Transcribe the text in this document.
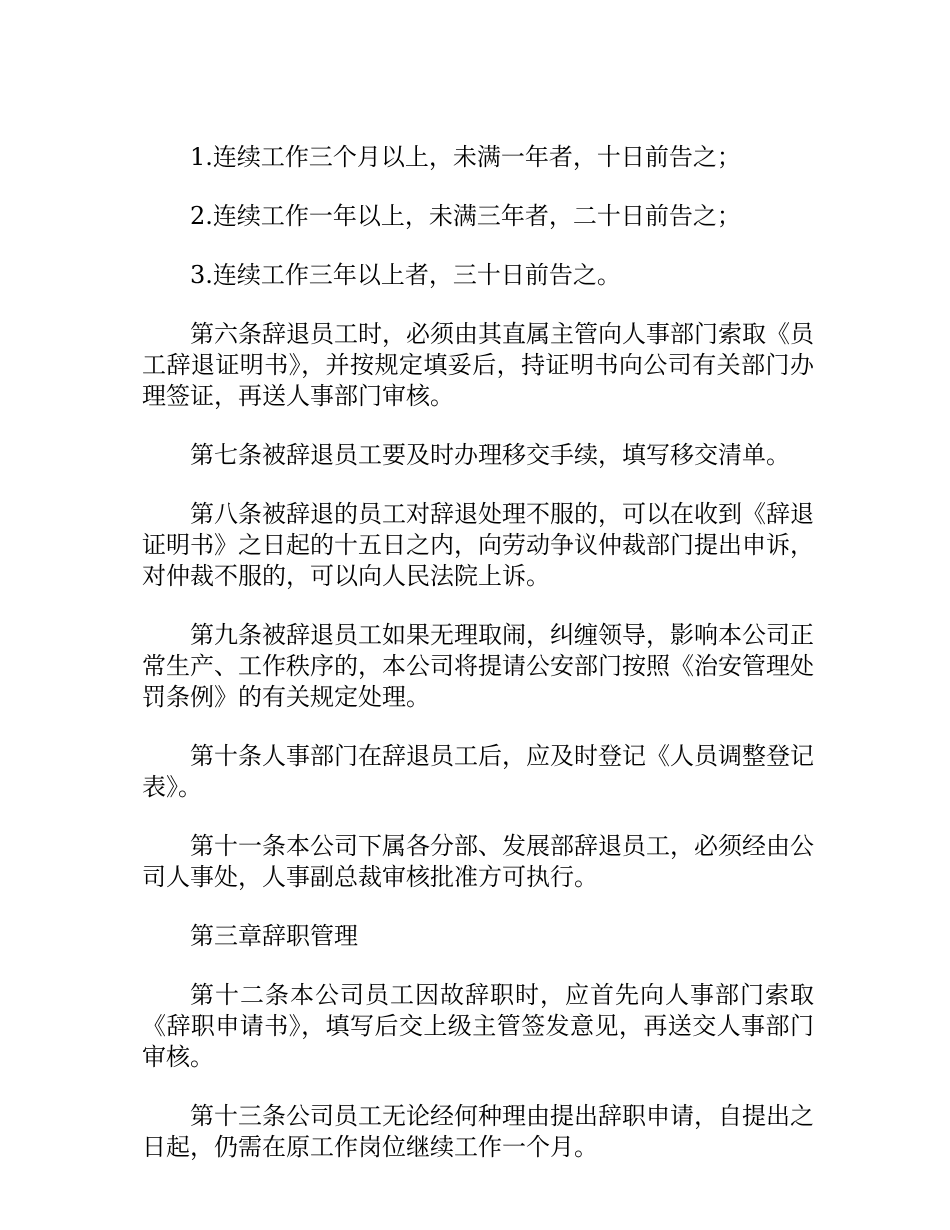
1.连续工作三个月以上，未满一年者，十日前告之；

2.连续工作一年以上，未满三年者，二十日前告之；

3.连续工作三年以上者，三十日前告之。

第六条辞退员工时，必须由其直属主管向人事部门索取《员工辞退证明书》，并按规定填妥后，持证明书向公司有关部门办理签证，再送人事部门审核。

第七条被辞退员工要及时办理移交手续，填写移交清单。

第八条被辞退的员工对辞退处理不服的，可以在收到《辞退证明书》之日起的十五日之内，向劳动争议仲裁部门提出申诉，对仲裁不服的，可以向人民法院上诉。

第九条被辞退员工如果无理取闹，纠缠领导，影响本公司正常生产、工作秩序的，本公司将提请公安部门按照《治安管理处罚条例》的有关规定处理。

第十条人事部门在辞退员工后，应及时登记《人员调整登记表》。

第十一条本公司下属各分部、发展部辞退员工，必须经由公司人事处，人事副总裁审核批准方可执行。

第三章辞职管理

第十二条本公司员工因故辞职时，应首先向人事部门索取《辞职申请书》，填写后交上级主管签发意见，再送交人事部门审核。

第十三条公司员工无论经何种理由提出辞职申请，自提出之日起，仍需在原工作岗位继续工作一个月。
